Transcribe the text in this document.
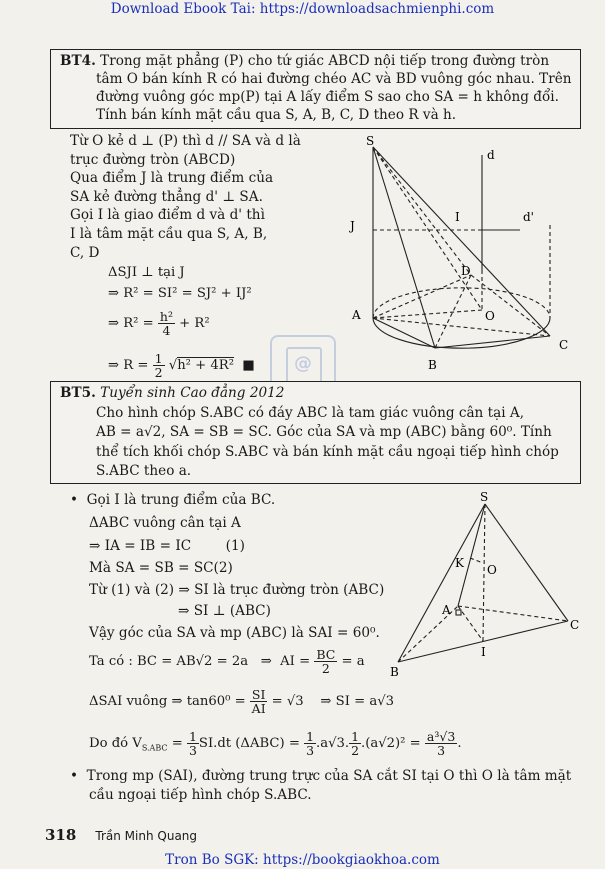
Download Ebook Tai: https://downloadsachmienphi.com
Tron Bo SGK: https://bookgiaokhoa.com
BT4. Trong mặt phẳng (P) cho tứ giác ABCD nội tiếp trong đường tròn
tâm O bán kính R có hai đường chéo AC và BD vuông góc nhau. Trên
đường vuông góc mp(P) tại A lấy điểm S sao cho SA = h không đổi.
Tính bán kính mặt cầu qua S, A, B, C, D theo R và h.
Từ O kẻ d ⊥ (P) thì d // SA và d là
trục đường tròn (ABCD)
Qua điểm J là trung điểm của
SA kẻ đường thẳng d' ⊥ SA.
Gọi I là giao điểm d và d' thì
I là tâm mặt cầu qua S, A, B,
C, D
ΔSJI ⊥ tại J
⇒ R² = SI² = SJ² + IJ²
⇒ $R^2 = \frac{\text{h²}}{4} + R^2$
⇒ $R = \frac{1}{2} √h^2 + 4R^2$ ■
S
d
J
I	d'
D
A	O
C
B
@
BT5. Tuyển sinh Cao đẳng 2012
Cho hình chóp S.ABC có đáy ABC là tam giác vuông cân tại A,
AB = a√2, SA = SB = SC. Góc của SA và mp (ABC) bằng 60⁰. Tính
thể tích khối chóp S.ABC và bán kính mặt cầu ngoại tiếp hình chóp
S.ABC theo a.
•  Gọi I là trung điểm của BC.
ΔABC vuông cân tại A
⇒ IA = IB = IC        (1)
Mà SA = SB = SC(2)
Từ (1) và (2) ⇒ SI là trục đường tròn (ABC)
⇒ SI ⊥ (ABC)
Vậy góc của SA và mp (ABC) là SAI = 60⁰.
Ta có : BC = AB√2 = 2a   ⇒  AI = $\frac{BC}{2} = a$
ΔSAI vuông ⇒ $\tan 60^0 = \frac{SI}{AI} = √3$    ⇒ SI = a√3
Do đó $V_{S.ABC} = \frac{1}{3} SI.dt$ $(\Delta ABC) = \frac{1}{3} .a√3$. $\frac{1}{2} .(a√2)^2 = \frac{\text{a³√3}}{3}$ .
•  Trong mp (SAI), đường trung trực của SA cắt SI tại O thì O là tâm mặt
cầu ngoại tiếp hình chóp S.ABC.
S
K O
A
C
I
B
318 Trần Minh Quang
